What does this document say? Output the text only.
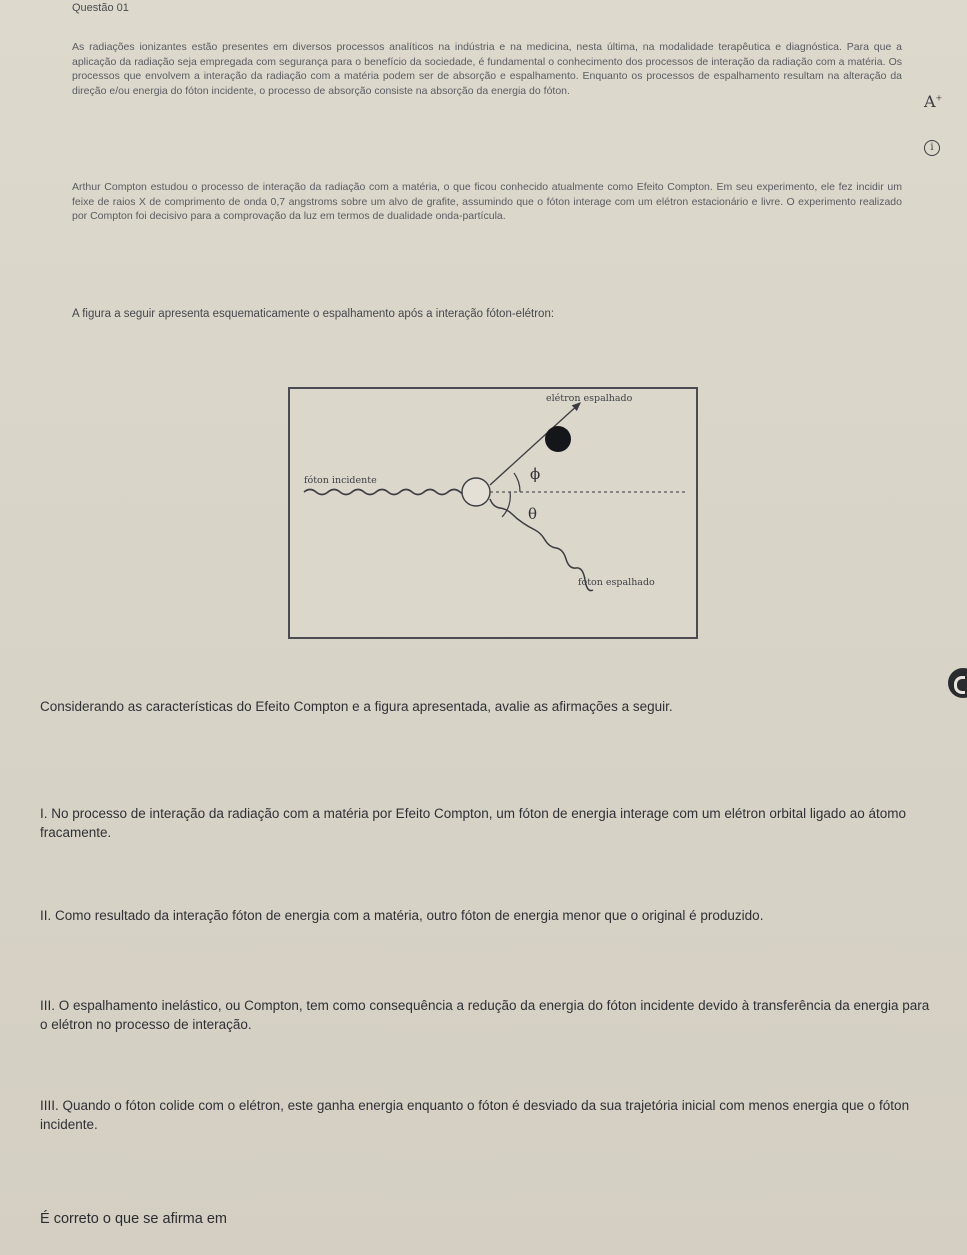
Questão 01
As radiações ionizantes estão presentes em diversos processos analíticos na indústria e na medicina, nesta última, na modalidade terapêutica e diagnóstica. Para que a aplicação da radiação seja empregada com segurança para o benefício da sociedade, é fundamental o conhecimento dos processos de interação da radiação com a matéria. Os processos que envolvem a interação da radiação com a matéria podem ser de absorção e espalhamento. Enquanto os processos de espalhamento resultam na alteração da direção e/ou energia do fóton incidente, o processo de absorção consiste na absorção da energia do fóton.
A+
i
Arthur Compton estudou o processo de interação da radiação com a matéria, o que ficou conhecido atualmente como Efeito Compton. Em seu experimento, ele fez incidir um feixe de raios X de comprimento de onda 0,7 angstroms sobre um alvo de grafite, assumindo que o fóton interage com um elétron estacionário e livre. O experimento realizado por Compton foi decisivo para a comprovação da luz em termos de dualidade onda-partícula.
A figura a seguir apresenta esquematicamente o espalhamento após a interação fóton-elétron:
elétron espalhado
fóton incidente
fóton espalhado
ϕ
θ
Considerando as características do Efeito Compton e a figura apresentada, avalie as afirmações a seguir.
I. No processo de interação da radiação com a matéria por Efeito Compton, um fóton de energia interage com um elétron orbital ligado ao átomo fracamente.
II. Como resultado da interação fóton de energia com a matéria, outro fóton de energia menor que o original é produzido.
III. O espalhamento inelástico, ou Compton, tem como consequência a redução da energia do fóton incidente devido à transferência da energia para o elétron no processo de interação.
IIII. Quando o fóton colide com o elétron, este ganha energia enquanto o fóton é desviado da sua trajetória inicial com menos energia que o fóton incidente.
É correto o que se afirma em
